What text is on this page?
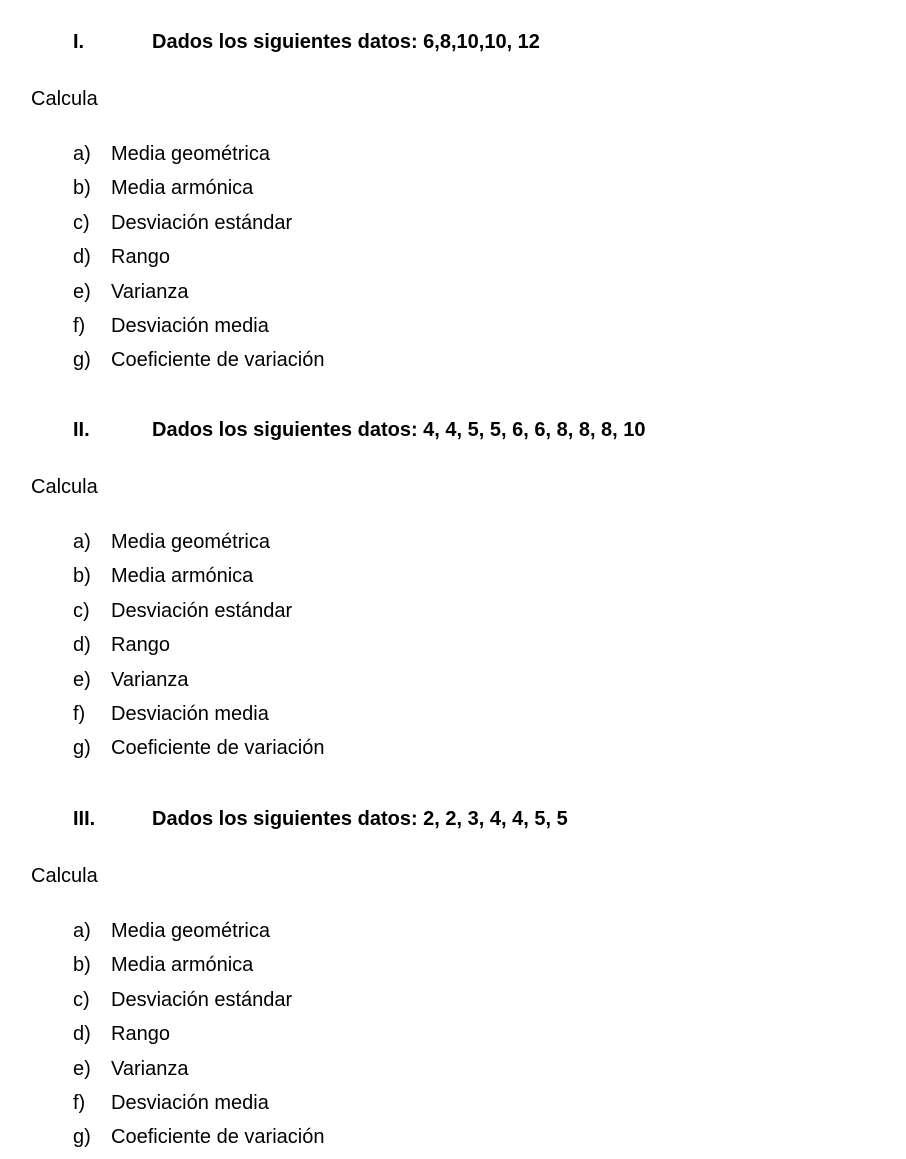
I.	Dados los siguientes datos: 6,8,10,10, 12
Calcula
a) Media geométrica
b) Media armónica
c) Desviación estándar
d) Rango
e) Varianza
f) Desviación media
g) Coeficiente de variación
II.	Dados los siguientes datos: 4, 4, 5, 5, 6, 6, 8, 8, 8, 10
Calcula
a) Media geométrica
b) Media armónica
c) Desviación estándar
d) Rango
e) Varianza
f) Desviación media
g) Coeficiente de variación
III.	Dados los siguientes datos: 2, 2, 3, 4, 4, 5, 5
Calcula
a) Media geométrica
b) Media armónica
c) Desviación estándar
d) Rango
e) Varianza
f) Desviación media
g) Coeficiente de variación
